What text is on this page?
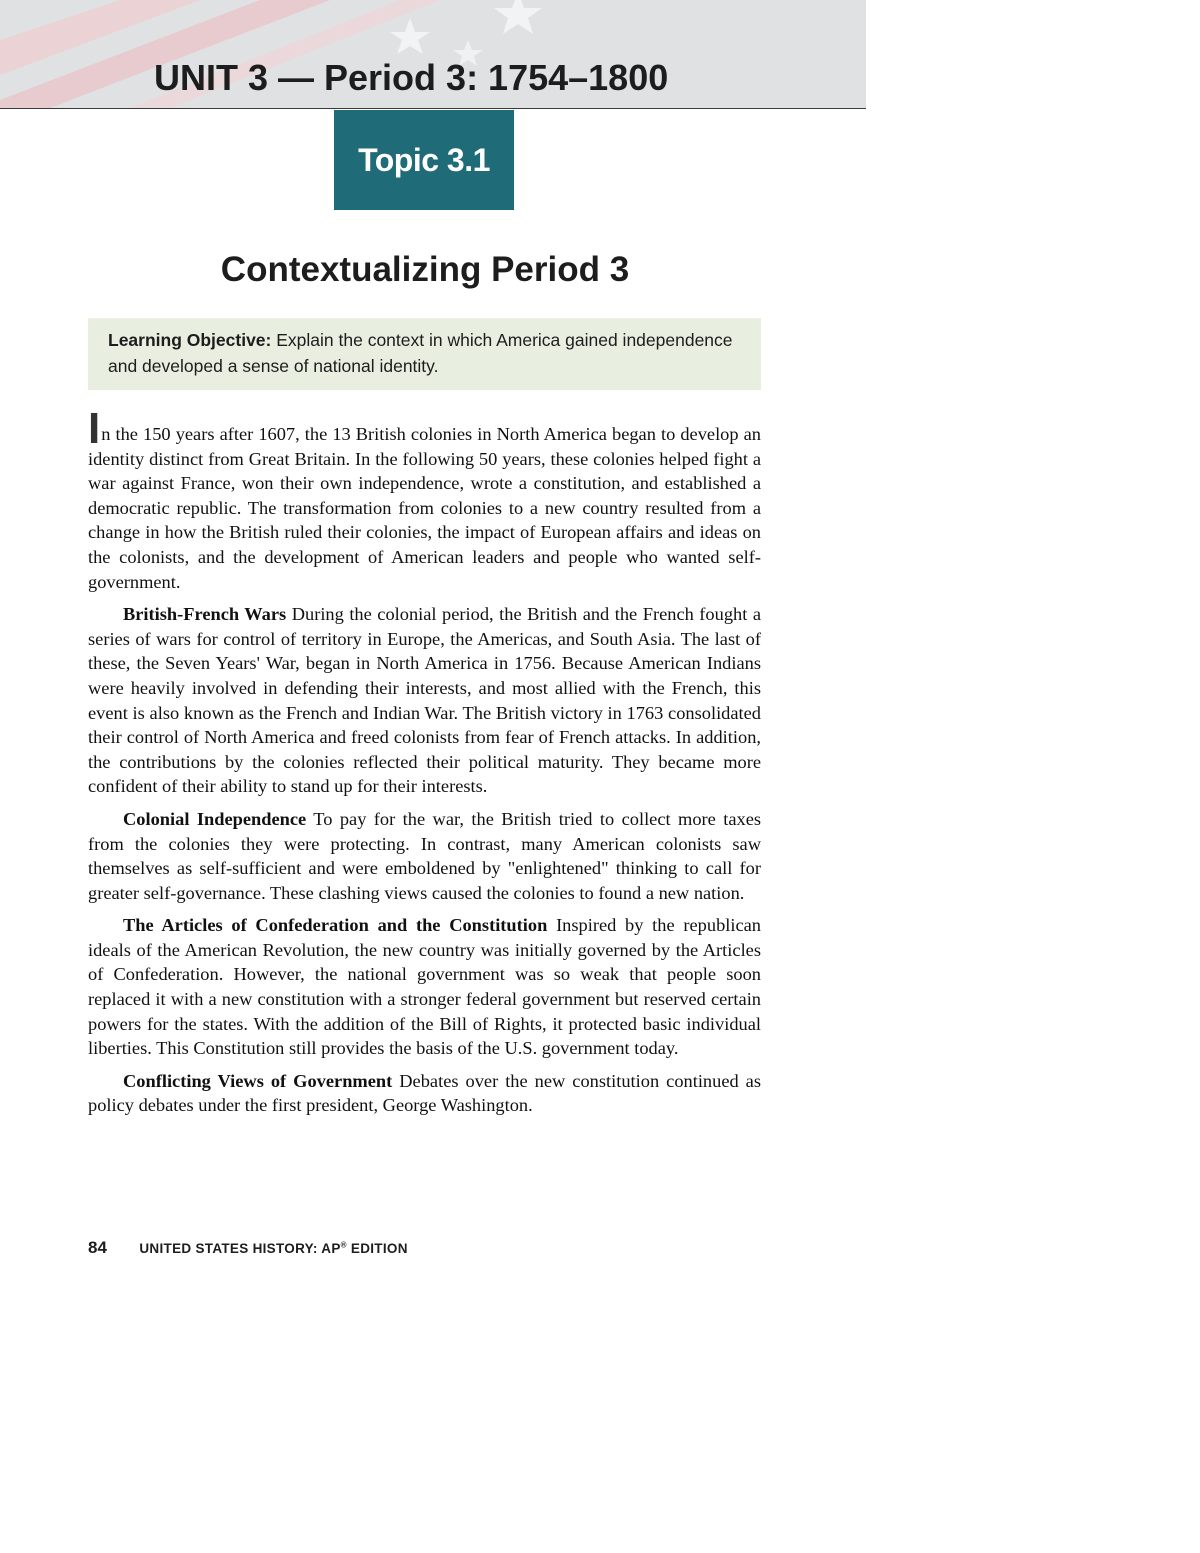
UNIT 3 — Period 3: 1754–1800
Topic 3.1
Contextualizing Period 3
Learning Objective: Explain the context in which America gained independence and developed a sense of national identity.

In the 150 years after 1607, the 13 British colonies in North America began to develop an identity distinct from Great Britain. In the following 50 years, these colonies helped fight a war against France, won their own independence, wrote a constitution, and established a democratic republic. The transformation from colonies to a new country resulted from a change in how the British ruled their colonies, the impact of European affairs and ideas on the colonists, and the development of American leaders and people who wanted self-government.

British-French Wars During the colonial period, the British and the French fought a series of wars for control of territory in Europe, the Americas, and South Asia. The last of these, the Seven Years' War, began in North America in 1756. Because American Indians were heavily involved in defending their interests, and most allied with the French, this event is also known as the French and Indian War. The British victory in 1763 consolidated their control of North America and freed colonists from fear of French attacks. In addition, the contributions by the colonies reflected their political maturity. They became more confident of their ability to stand up for their interests.

Colonial Independence To pay for the war, the British tried to collect more taxes from the colonies they were protecting. In contrast, many American colonists saw themselves as self-sufficient and were emboldened by "enlightened" thinking to call for greater self-governance. These clashing views caused the colonies to found a new nation.

The Articles of Confederation and the Constitution Inspired by the republican ideals of the American Revolution, the new country was initially governed by the Articles of Confederation. However, the national government was so weak that people soon replaced it with a new constitution with a stronger federal government but reserved certain powers for the states. With the addition of the Bill of Rights, it protected basic individual liberties. This Constitution still provides the basis of the U.S. government today.

Conflicting Views of Government Debates over the new constitution continued as policy debates under the first president, George Washington.

84 UNITED STATES HISTORY: AP® EDITION
